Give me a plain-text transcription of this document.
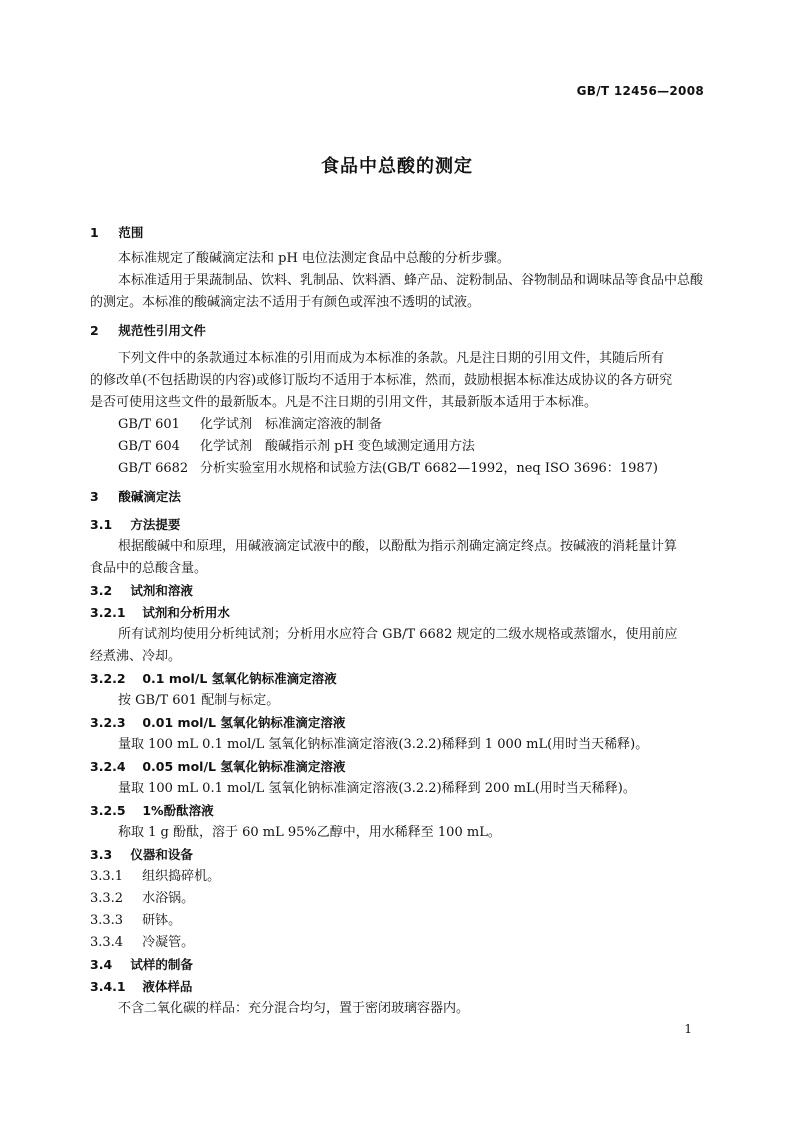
GB/T 12456—2008
食品中总酸的测定
1 范围
本标准规定了酸碱滴定法和 pH 电位法测定食品中总酸的分析步骤。
本标准适用于果蔬制品、饮料、乳制品、饮料酒、蜂产品、淀粉制品、谷物制品和调味品等食品中总酸
的测定。本标准的酸碱滴定法不适用于有颜色或浑浊不透明的试液。
2 规范性引用文件
下列文件中的条款通过本标准的引用而成为本标准的条款。凡是注日期的引用文件，其随后所有
的修改单(不包括勘误的内容)或修订版均不适用于本标准，然而，鼓励根据本标准达成协议的各方研究
是否可使用这些文件的最新版本。凡是不注日期的引用文件，其最新版本适用于本标准。
GB/T 601 化学试剂　标准滴定溶液的制备
GB/T 604 化学试剂　酸碱指示剂 pH 变色域测定通用方法
GB/T 6682 分析实验室用水规格和试验方法(GB/T 6682—1992，neq ISO 3696：1987)
3 酸碱滴定法
3.1 方法提要
根据酸碱中和原理，用碱液滴定试液中的酸，以酚酞为指示剂确定滴定终点。按碱液的消耗量计算
食品中的总酸含量。
3.2 试剂和溶液
3.2.1 试剂和分析用水
所有试剂均使用分析纯试剂；分析用水应符合 GB/T 6682 规定的二级水规格或蒸馏水，使用前应
经煮沸、冷却。
3.2.2 0.1 mol/L 氢氧化钠标准滴定溶液
按 GB/T 601 配制与标定。
3.2.3 0.01 mol/L 氢氧化钠标准滴定溶液
量取 100 mL 0.1 mol/L 氢氧化钠标准滴定溶液(3.2.2)稀释到 1 000 mL(用时当天稀释)。
3.2.4 0.05 mol/L 氢氧化钠标准滴定溶液
量取 100 mL 0.1 mol/L 氢氧化钠标准滴定溶液(3.2.2)稀释到 200 mL(用时当天稀释)。
3.2.5 1%酚酞溶液
称取 1 g 酚酞，溶于 60 mL 95%乙醇中，用水稀释至 100 mL。
3.3 仪器和设备
3.3.1 组织捣碎机。
3.3.2 水浴锅。
3.3.3 研钵。
3.3.4 冷凝管。
3.4 试样的制备
3.4.1 液体样品
不含二氧化碳的样品：充分混合均匀，置于密闭玻璃容器内。
1
